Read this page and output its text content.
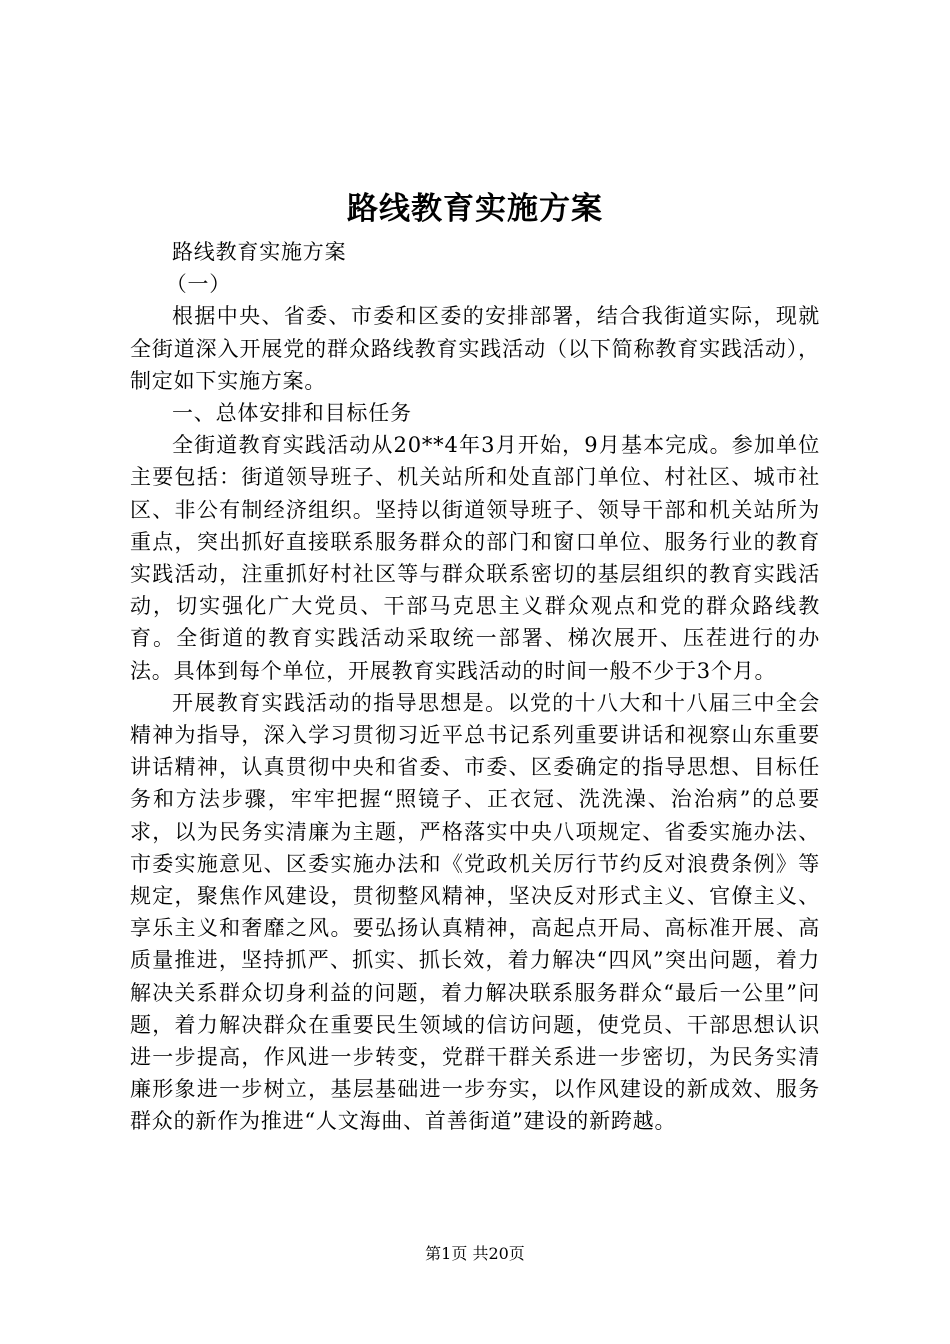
路线教育实施方案

路线教育实施方案

（一）

根据中央、省委、市委和区委的安排部署，结合我街道实际，现就全街道深入开展党的群众路线教育实践活动（以下简称教育实践活动），制定如下实施方案。

一、总体安排和目标任务

全街道教育实践活动从20**4年3月开始，9月基本完成。参加单位主要包括：街道领导班子、机关站所和处直部门单位、村社区、城市社区、非公有制经济组织。坚持以街道领导班子、领导干部和机关站所为重点，突出抓好直接联系服务群众的部门和窗口单位、服务行业的教育实践活动，注重抓好村社区等与群众联系密切的基层组织的教育实践活动，切实强化广大党员、干部马克思主义群众观点和党的群众路线教育。全街道的教育实践活动采取统一部署、梯次展开、压茬进行的办法。具体到每个单位，开展教育实践活动的时间一般不少于3个月。

开展教育实践活动的指导思想是。以党的十八大和十八届三中全会精神为指导，深入学习贯彻习近平总书记系列重要讲话和视察山东重要讲话精神，认真贯彻中央和省委、市委、区委确定的指导思想、目标任务和方法步骤，牢牢把握“照镜子、正衣冠、洗洗澡、治治病”的总要求，以为民务实清廉为主题，严格落实中央八项规定、省委实施办法、市委实施意见、区委实施办法和《党政机关厉行节约反对浪费条例》等规定，聚焦作风建设，贯彻整风精神，坚决反对形式主义、官僚主义、享乐主义和奢靡之风。要弘扬认真精神，高起点开局、高标准开展、高质量推进，坚持抓严、抓实、抓长效，着力解决“四风”突出问题，着力解决关系群众切身利益的问题，着力解决联系服务群众“最后一公里”问题，着力解决群众在重要民生领域的信访问题，使党员、干部思想认识进一步提高，作风进一步转变，党群干群关系进一步密切，为民务实清廉形象进一步树立，基层基础进一步夯实，以作风建设的新成效、服务群众的新作为推进“人文海曲、首善街道”建设的新跨越。

第1页 共20页
